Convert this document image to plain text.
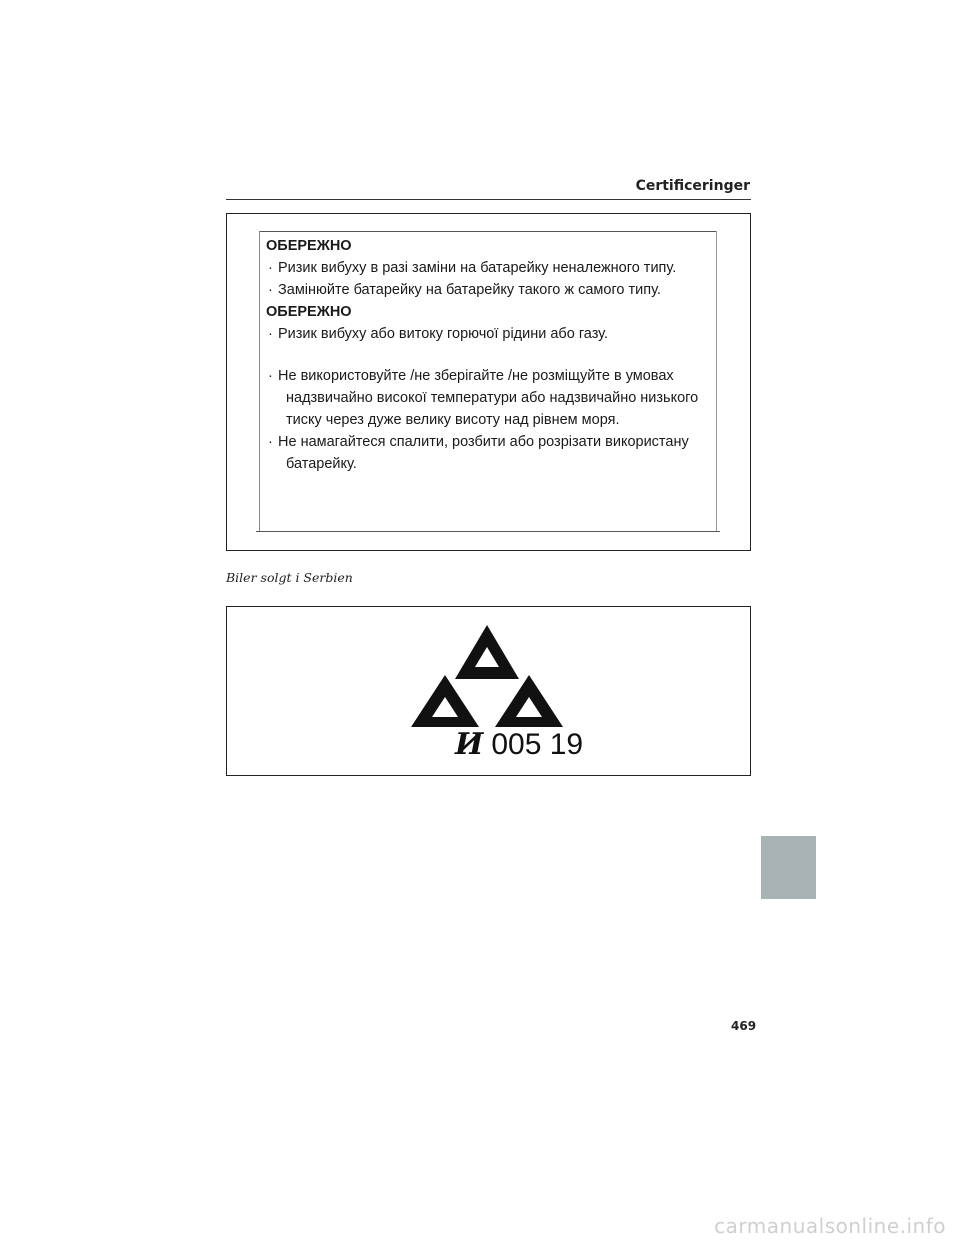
Certificeringer
ОБЕРЕЖНО
· Ризик вибуху в разі заміни на батарейку неналежного типу.
· Замінюйте батарейку на батарейку такого ж самого типу.
ОБЕРЕЖНО
· Ризик вибуху або витоку горючої рідини або газу.
· Не використовуйте /не зберігайте /не розміщуйте в умовах
надзвичайно високої температури або надзвичайно низького
тиску через дуже велику висоту над рівнем моря.
· Не намагайтеся спалити, розбити або розрізати використану
батарейку.
Biler solgt i Serbien
И 005 19
469
carmanualsonline.info
